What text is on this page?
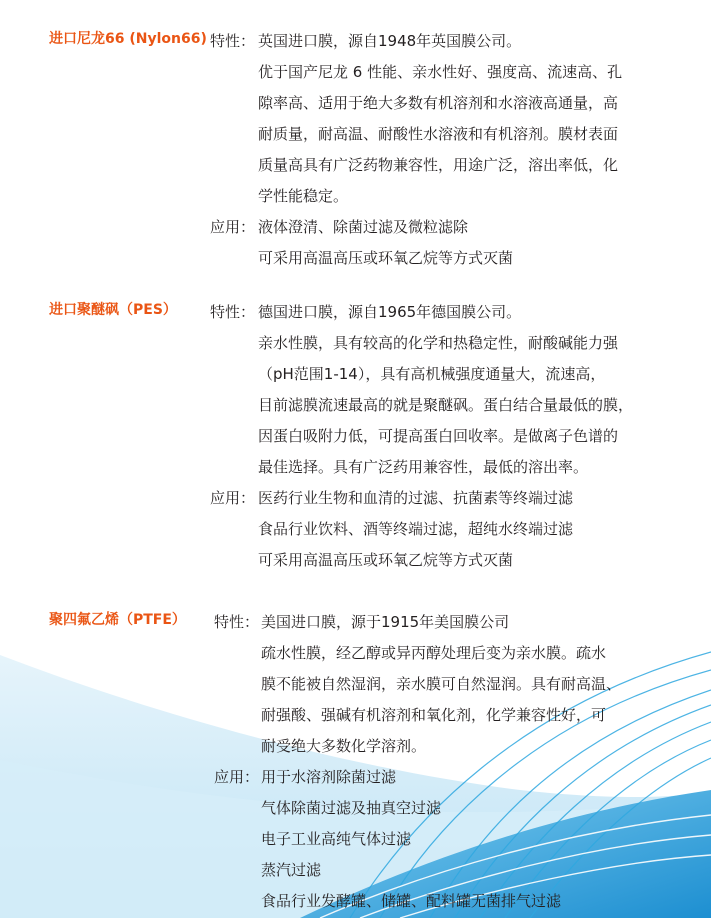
进口尼龙66 (Nylon66) 特性： 英国进口膜，源自1948年英国膜公司。
优于国产尼龙 6 性能、亲水性好、强度高、流速高、孔
隙率高、适用于绝大多数有机溶剂和水溶液高通量，高
耐质量，耐高温、耐酸性水溶液和有机溶剂。膜材表面
质量高具有广泛药物兼容性，用途广泛，溶出率低，化
学性能稳定。
应用： 液体澄清、除菌过滤及微粒滤除
可采用高温高压或环氧乙烷等方式灭菌
进口聚醚砜（PES） 特性： 德国进口膜，源自1965年德国膜公司。
亲水性膜，具有较高的化学和热稳定性，耐酸碱能力强
（pH范围1-14），具有高机械强度通量大，流速高，
目前滤膜流速最高的就是聚醚砜。蛋白结合量最低的膜，
因蛋白吸附力低，可提高蛋白回收率。是做离子色谱的
最佳选择。具有广泛药用兼容性，最低的溶出率。
应用： 医药行业生物和血清的过滤、抗菌素等终端过滤
食品行业饮料、酒等终端过滤，超纯水终端过滤
可采用高温高压或环氧乙烷等方式灭菌
聚四氟乙烯（PTFE） 特性： 美国进口膜，源于1915年美国膜公司
疏水性膜，经乙醇或异丙醇处理后变为亲水膜。疏水
膜不能被自然湿润，亲水膜可自然湿润。具有耐高温、
耐强酸、强碱有机溶剂和氧化剂，化学兼容性好，可
耐受绝大多数化学溶剂。
应用： 用于水溶剂除菌过滤
气体除菌过滤及抽真空过滤
电子工业高纯气体过滤
蒸汽过滤
食品行业发酵罐、储罐、配料罐无菌排气过滤
